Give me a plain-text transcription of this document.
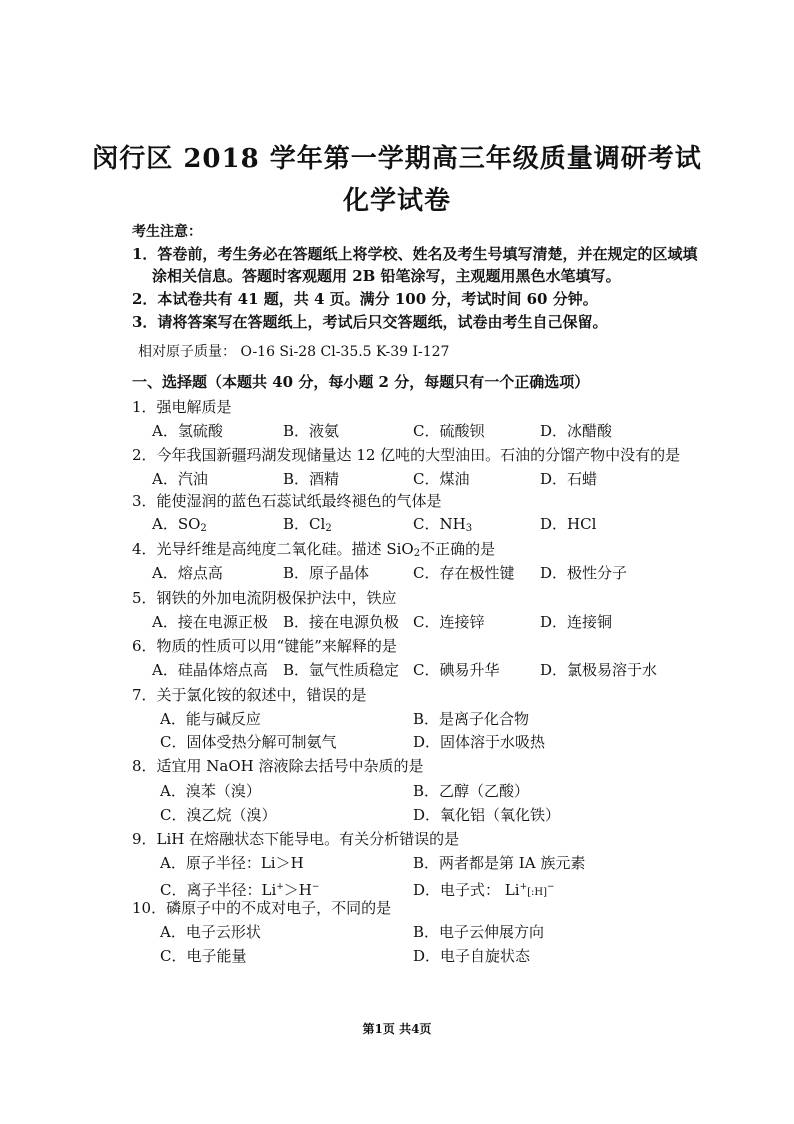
闵行区 2018 学年第一学期高三年级质量调研考试
化学试卷
考生注意：
1．答卷前，考生务必在答题纸上将学校、姓名及考生号填写清楚，并在规定的区域填
涂相关信息。答题时客观题用 2B 铅笔涂写，主观题用黑色水笔填写。
2．本试卷共有 41 题，共 4 页。满分 100 分，考试时间 60 分钟。
3．请将答案写在答题纸上，考试后只交答题纸，试卷由考生自己保留。
相对原子质量： O-16 Si-28 Cl-35.5 K-39 I-127
一、选择题（本题共 40 分，每小题 2 分，每题只有一个正确选项）
1．强电解质是
A．氢硫酸	B．液氨	C．硫酸钡	D．冰醋酸
2．今年我国新疆玛湖发现储量达 12 亿吨的大型油田。石油的分馏产物中没有的是
A．汽油	B．酒精	C．煤油	D．石蜡
3．能使湿润的蓝色石蕊试纸最终褪色的气体是
A．$SO_2$	B．$Cl_2$	C．$NH_3$	D．HCl
4．光导纤维是高纯度二氧化硅。描述 SiO$_2$不正确的是
A．熔点高	B．原子晶体	C．存在极性键 D．极性分子
5．钢铁的外加电流阴极保护法中，铁应
A．接在电源正极 B．接在电源负极 C．连接锌	D．连接铜
6．物质的性质可以用“键能”来解释的是
A．硅晶体熔点高 B．氩气性质稳定 C．碘易升华	D．氯极易溶于水
7．关于氯化铵的叙述中，错误的是
A．能与碱反应	B．是离子化合物
C．固体受热分解可制氨气	D．固体溶于水吸热
8．适宜用 NaOH 溶液除去括号中杂质的是
A．溴苯（溴）	B．乙醇（乙酸）
C．溴乙烷（溴）	D．氧化铝（氧化铁）
9．LiH 在熔融状态下能导电。有关分析错误的是
A．原子半径：Li＞H	B．两者都是第 IA 族元素
C．离子半径：Li+＞H−	D．电子式： Li+[:H]−
10．磷原子中的不成对电子，不同的是
A．电子云形状	B．电子云伸展方向
C．电子能量	D．电子自旋状态
第1页 共4页
